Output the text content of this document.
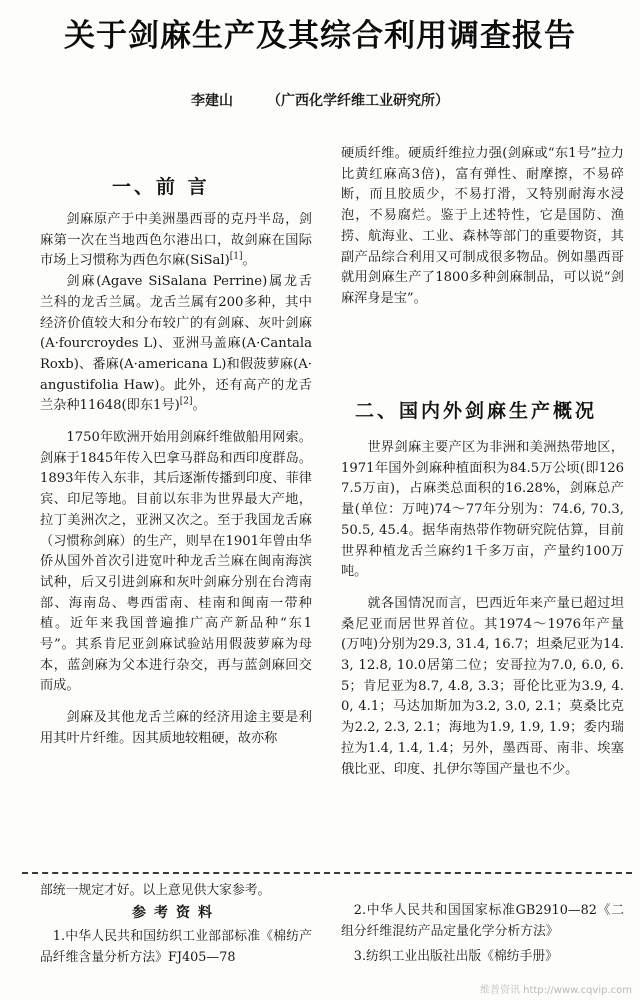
关于剑麻生产及其综合利用调查报告
李建山 （广西化学纤维工业研究所）
一、前 言

剑麻原产于中美洲墨西哥的克丹半岛，剑麻第一次在当地西色尔港出口，故剑麻在国际市场上习惯称为西色尔麻(SiSal)[1]。

剑麻(Agave SiSalana Perrine)属龙舌兰科的龙舌兰属。龙舌兰属有200多种，其中经济价值较大和分布较广的有剑麻、灰叶剑麻(A·fourcroydes L)、亚洲马盖麻(A·Cantala Roxb)、番麻(A·americana L)和假菠萝麻(A·angustifolia Haw)。此外，还有高产的龙舌兰杂种11648(即东1号)[2]。

1750年欧洲开始用剑麻纤维做船用网索。剑麻于1845年传入巴拿马群岛和西印度群岛。1893年传入东非，其后逐渐传播到印度、菲律宾、印尼等地。目前以东非为世界最大产地，拉丁美洲次之，亚洲又次之。至于我国龙舌麻（习惯称剑麻）的生产，则早在1901年曾由华侨从国外首次引进宽叶种龙舌兰麻在闽南海滨试种，后又引进剑麻和灰叶剑麻分别在台湾南部、海南岛、粤西雷南、桂南和闽南一带种植。近年来我国普遍推广高产新品种“东1号”。其系肯尼亚剑麻试验站用假菠萝麻为母本，蓝剑麻为父本进行杂交，再与蓝剑麻回交而成。

剑麻及其他龙舌兰麻的经济用途主要是利用其叶片纤维。因其质地较粗硬，故亦称

硬质纤维。硬质纤维拉力强(剑麻或“东1号”拉力比黄红麻高3倍)，富有弹性、耐摩擦，不易碎断，而且胶质少，不易打滑，又特别耐海水浸泡，不易腐烂。鉴于上述特性，它是国防、渔捞、航海业、工业、森林等部门的重要物资，其副产品综合利用又可制成很多物品。例如墨西哥就用剑麻生产了1800多种剑麻制品，可以说“剑麻浑身是宝”。

二、国内外剑麻生产概况

世界剑麻主要产区为非洲和美洲热带地区，1971年国外剑麻种植面积为84.5万公顷(即1267.5万亩)，占麻类总面积的16.28%，剑麻总产量(单位：万吨)74～77年分别为：74.6, 70.3, 50.5, 45.4。据华南热带作物研究院估算，目前世界种植龙舌兰麻约1千多万亩，产量约100万吨。

就各国情况而言，巴西近年来产量已超过坦桑尼亚而居世界首位。其1974～1976年产量(万吨)分别为29.3, 31.4, 16.7；坦桑尼亚为14.3, 12.8, 10.0居第二位；安哥拉为7.0, 6.0, 6.5；肯尼亚为8.7, 4.8, 3.3；哥伦比亚为3.9, 4.0, 4.1；马达加斯加为3.2, 3.0, 2.1；莫桑比克为2.2, 2.3, 2.1；海地为1.9, 1.9, 1.9；委内瑞拉为1.4, 1.4, 1.4；另外，墨西哥、南非、埃塞俄比亚、印度、扎伊尔等国产量也不少。

部统一规定才好。以上意见供大家参考。
参考资料
1.中华人民共和国纺织工业部部标准《棉纺产品纤维含量分析方法》FJ405—78
2.中华人民共和国国家标准GB2910—82《二组分纤维混纺产品定量化学分析方法》
3.纺织工业出版社出版《棉纺手册》
维普资讯 http://www.cqvip.com
